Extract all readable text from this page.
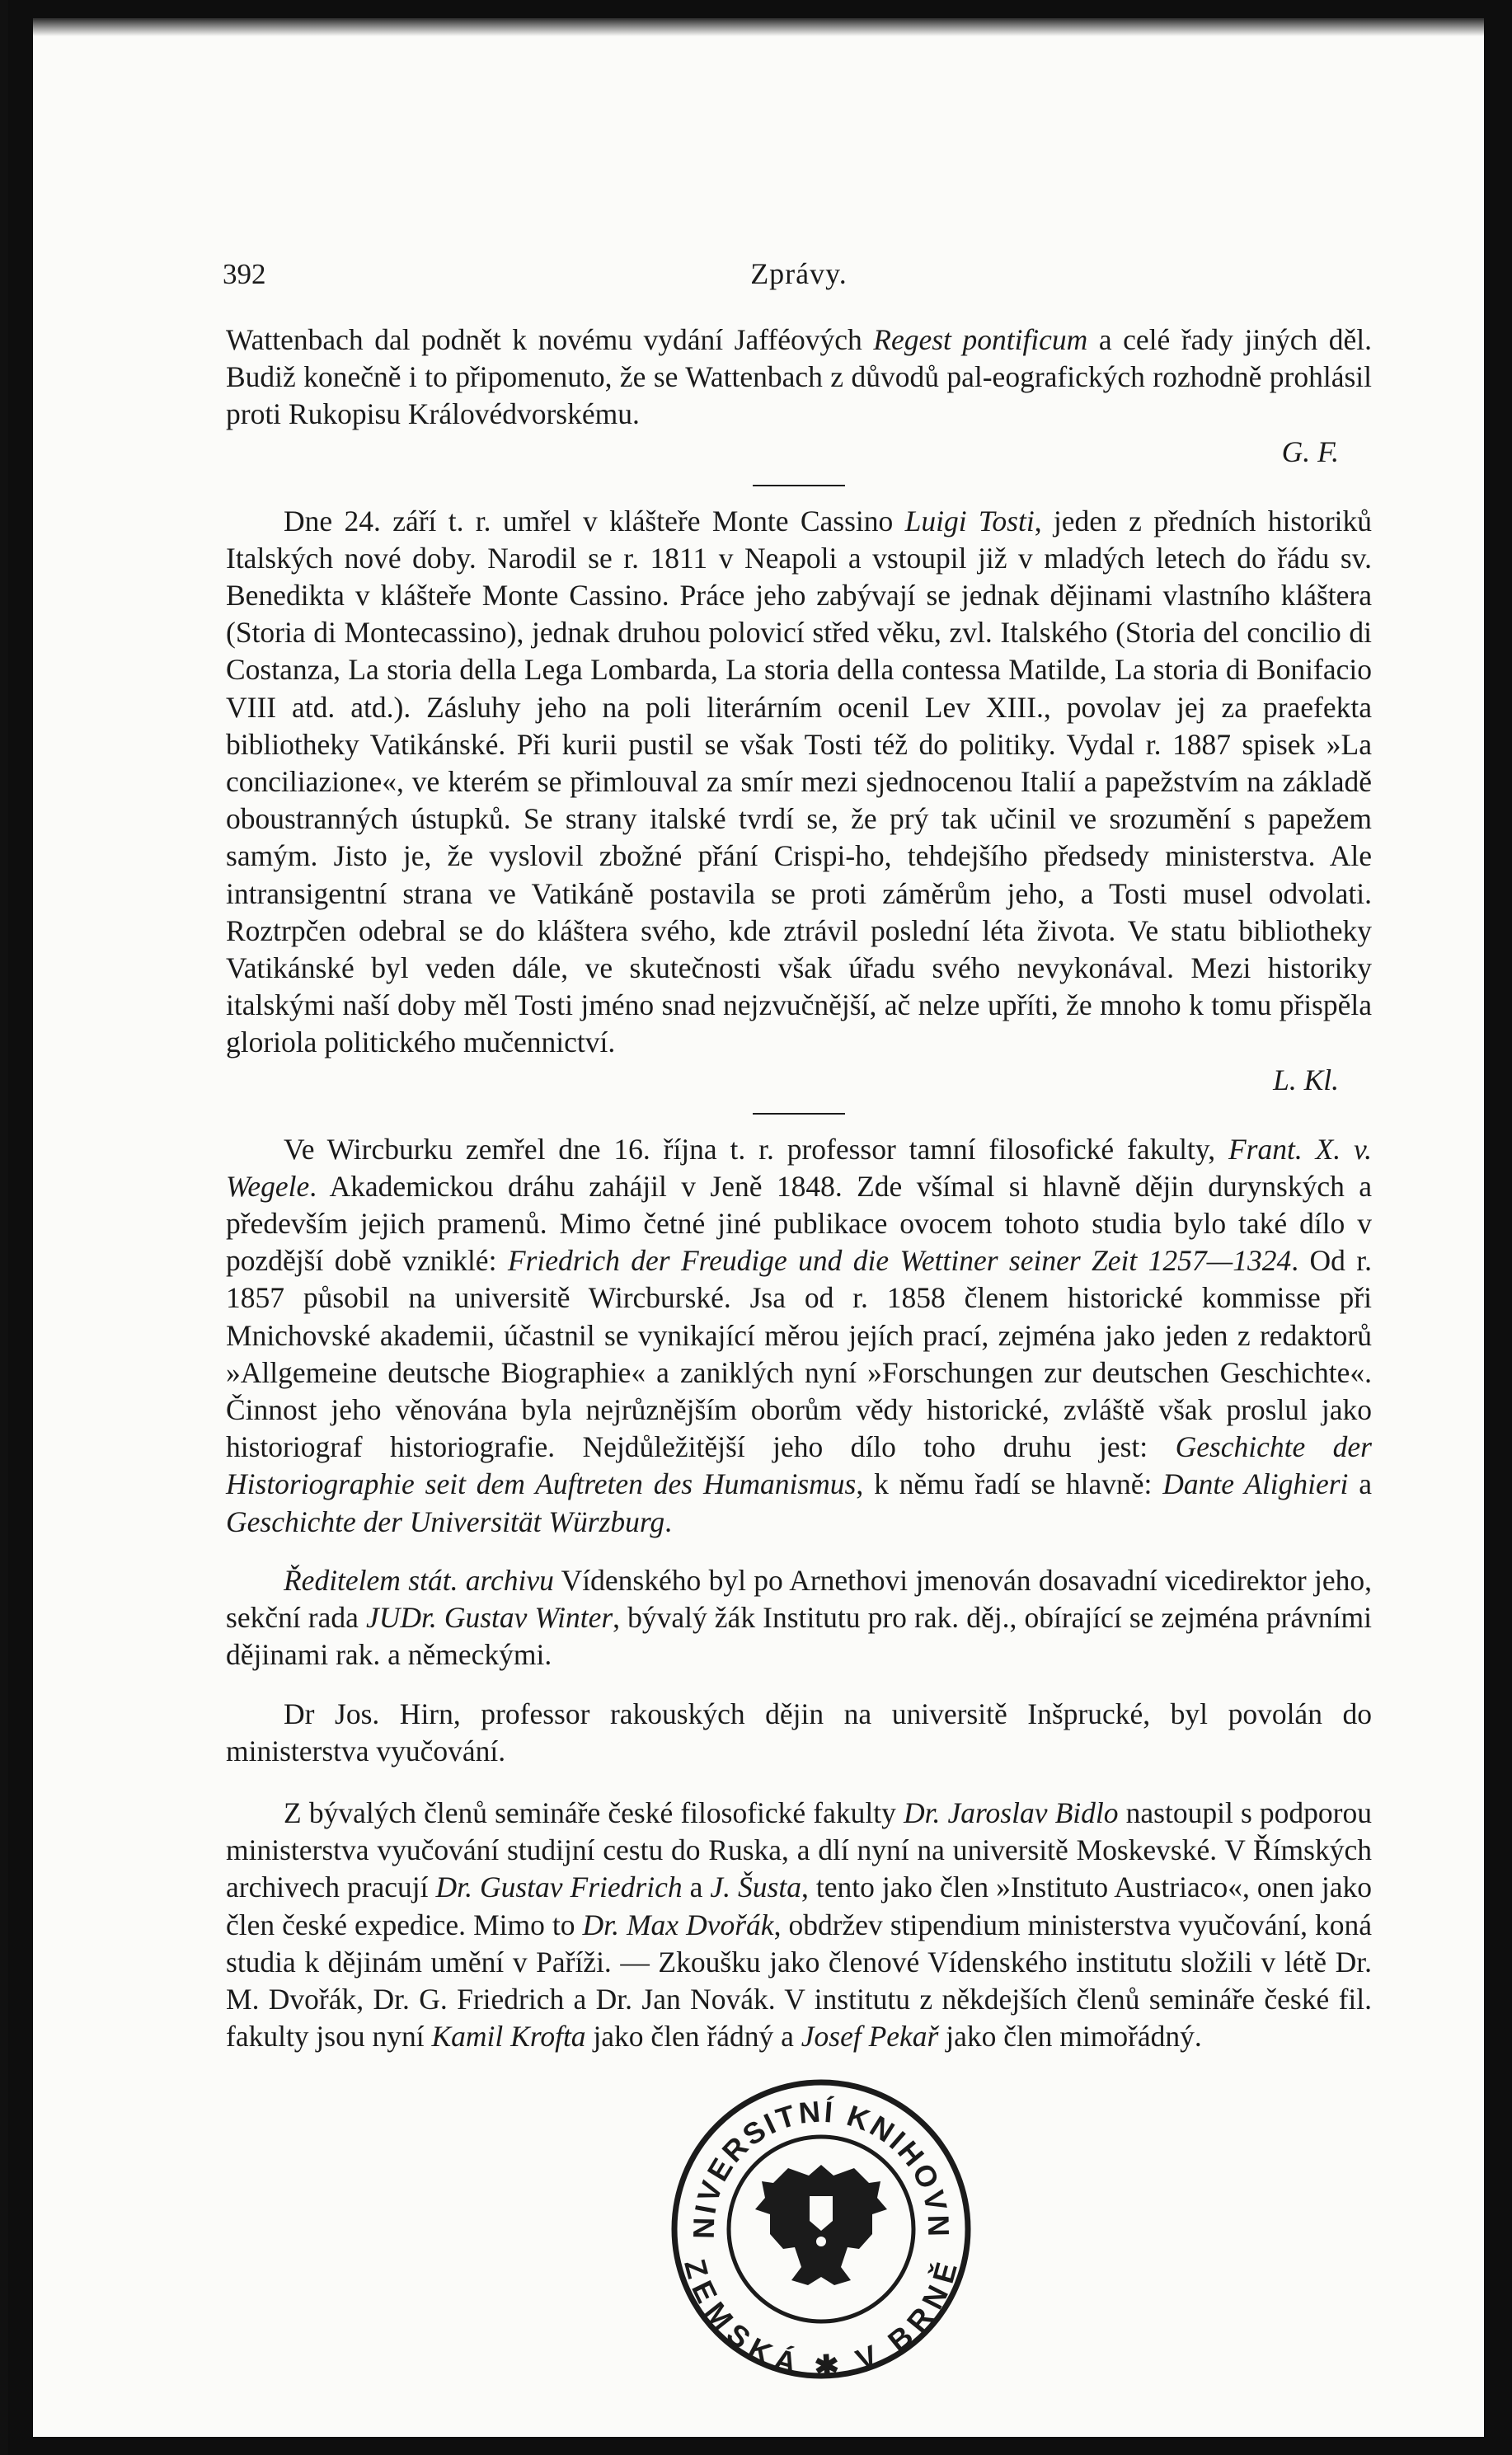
392	Zprávy.

Wattenbach dal podnět k novému vydání Jafféových Regest pontificum a celé řady jiných děl. Budiž konečně i to připomenuto, že se Wattenbach z důvodů pal-eografických rozhodně prohlásil proti Rukopisu Královédvorskému.

G. F.

Dne 24. září t. r. umřel v klášteře Monte Cassino Luigi Tosti, jeden z předních historiků Italských nové doby. Narodil se r. 1811 v Neapoli a vstoupil již v mladých letech do řádu sv. Benedikta v klášteře Monte Cassino. Práce jeho zabývají se jednak dějinami vlastního kláštera (Storia di Montecassino), jednak druhou polovicí střed věku, zvl. Italského (Storia del concilio di Costanza, La storia della Lega Lombarda, La storia della contessa Matilde, La storia di Bonifacio VIII atd. atd.). Zásluhy jeho na poli literárním ocenil Lev XIII., povolav jej za praefekta bibliotheky Vatikánské. Při kurii pustil se však Tosti též do politiky. Vydal r. 1887 spisek »La conciliazione«, ve kterém se přimlouval za smír mezi sjednocenou Italií a papežstvím na základě oboustranných ústupků. Se strany italské tvrdí se, že prý tak učinil ve srozumění s papežem samým. Jisto je, že vyslovil zbožné přání Crispi-ho, tehdejšího předsedy ministerstva. Ale intransigentní strana ve Vatikáně postavila se proti záměrům jeho, a Tosti musel odvolati. Roztrpčen odebral se do kláštera svého, kde ztrávil poslední léta života. Ve statu bibliotheky Vatikánské byl veden dále, ve skutečnosti však úřadu svého nevykonával. Mezi historiky italskými naší doby měl Tosti jméno snad nejzvučnější, ač nelze upříti, že mnoho k tomu přispěla gloriola politického mučennictví.

L. Kl.

Ve Wircburku zemřel dne 16. října t. r. professor tamní filosofické fakulty, Frant. X. v. Wegele. Akademickou dráhu zahájil v Jeně 1848. Zde všímal si hlavně dějin durynských a především jejich pramenů. Mimo četné jiné publikace ovocem tohoto studia bylo také dílo v pozdější době vzniklé: Friedrich der Freudige und die Wettiner seiner Zeit 1257—1324. Od r. 1857 působil na universitě Wircburské. Jsa od r. 1858 členem historické kommisse při Mnichovské akademii, účastnil se vynikající měrou jejích prací, zejména jako jeden z redaktorů »Allgemeine deutsche Biographie« a zaniklých nyní »Forschungen zur deutschen Geschichte«. Činnost jeho věnována byla nejrůznějším oborům vědy historické, zvláště však proslul jako historiograf historiografie. Nejdůležitější jeho dílo toho druhu jest: Geschichte der Historiographie seit dem Auftreten des Humanismus, k němu řadí se hlavně: Dante Alighieri a Geschichte der Universität Würzburg.

Ředitelem stát. archivu Vídenského byl po Arnethovi jmenován dosavadní vicedirektor jeho, sekční rada JUDr. Gustav Winter, bývalý žák Institutu pro rak. děj., obírající se zejména právními dějinami rak. a německými.

Dr Jos. Hirn, professor rakouských dějin na universitě Inšprucké, byl povolán do ministerstva vyučování.

Z bývalých členů semináře české filosofické fakulty Dr. Jaroslav Bidlo nastoupil s podporou ministerstva vyučování studijní cestu do Ruska, a dlí nyní na universitě Moskevské. V Římských archivech pracují Dr. Gustav Friedrich a J. Šusta, tento jako člen »Instituto Austriaco«, onen jako člen české expedice. Mimo to Dr. Max Dvořák, obdržev stipendium ministerstva vyučování, koná studia k dějinám umění v Paříži. — Zkoušku jako členové Vídenského institutu složili v létě Dr. M. Dvořák, Dr. G. Friedrich a Dr. Jan Novák. V institutu z někdejších členů semináře české fil. fakulty jsou nyní Kamil Krofta jako člen řádný a Josef Pekař jako člen mimořádný.

NIVERSITNÍ KNIHOVN
ZEMSKÁ ✱ V BRNĚ
